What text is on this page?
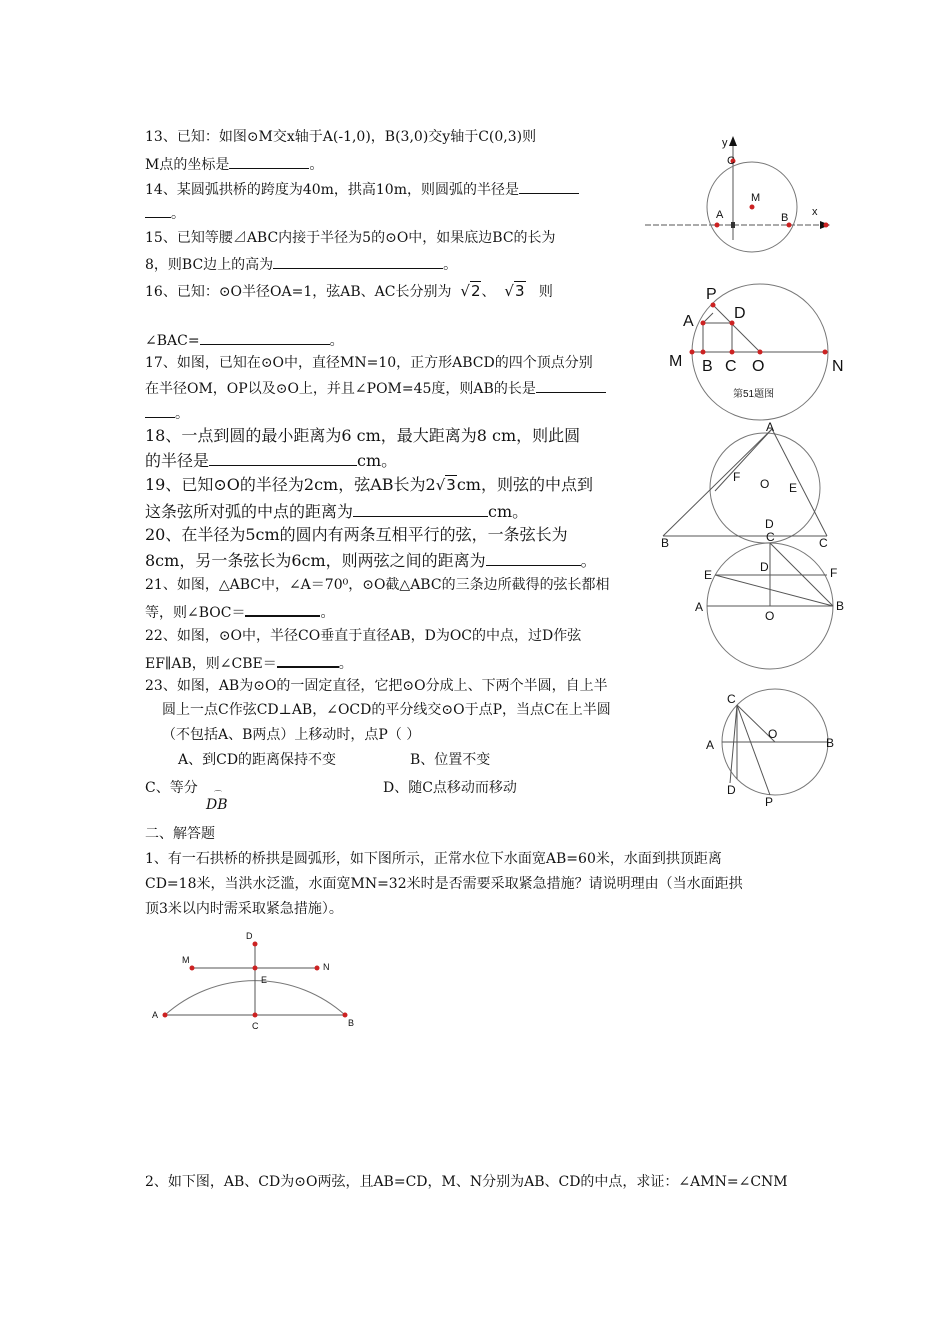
13、已知：如图⊙M交x轴于A(-1,0)，B(3,0)交y轴于C(0,3)则
M点的坐标是	。
14、某圆弧拱桥的跨度为40m，拱高10m，则圆弧的半径是
。
15、已知等腰⊿ABC内接于半径为5的⊙O中，如果底边BC的长为
8，则BC边上的高为	。
16、已知：⊙O半径OA=1，弦AB、AC长分别为 √2、 √3 则
∠BAC=	。
17、如图，已知在⊙O中，直径MN=10，正方形ABCD的四个顶点分别
在半径OM，OP以及⊙O上，并且∠POM=45度，则AB的长是
。
18、一点到圆的最小距离为6 cm，最大距离为8 cm，则此圆
的半径是	cm。
19、已知⊙O的半径为2cm，弦AB长为2√3cm，则弦的中点到
这条弦所对弧的中点的距离为	cm。
20、在半径为5cm的圆内有两条互相平行的弦，一条弦长为
8cm，另一条弦长为6cm，则两弦之间的距离为	。
21、如图，△ABC中，∠A＝70⁰，⊙O截△ABC的三条边所截得的弦长都相
等，则∠BOC＝	。
22、如图，⊙O中，半径CO垂直于直径AB，D为OC的中点，过D作弦
EF∥AB，则∠CBE＝	。
23、如图，AB为⊙O的一固定直径，它把⊙O分成上、下两个半圆，自上半
圆上一点C作弦CD⊥AB，∠OCD的平分线交⊙O于点P，当点C在上半圆
（不包括A、B两点）上移动时，点P（ ）
A、到CD的距离保持不变	B、位置不变
C、等分 ⌒
DB
D、随C点移动而移动
二、解答题
1、有一石拱桥的桥拱是圆弧形，如下图所示，正常水位下水面宽AB=60米，水面到拱顶距离
CD=18米，当洪水泛滥，水面宽MN=32米时是否需要采取紧急措施？请说明理由（当水面距拱
顶3米以内时需采取紧急措施）。
2、如下图，AB、CD为⊙O两弦，且AB=CD，M、N分别为AB、CD的中点，求证：∠AMN=∠CNM
y
C
M
A	B x
P
A	D
M B C O	N
第51题图
A
F O E
D
B	C
C
D
E	F
A	B
O
C
A
O
B
D
P
D
M
N
E
A
C	B
